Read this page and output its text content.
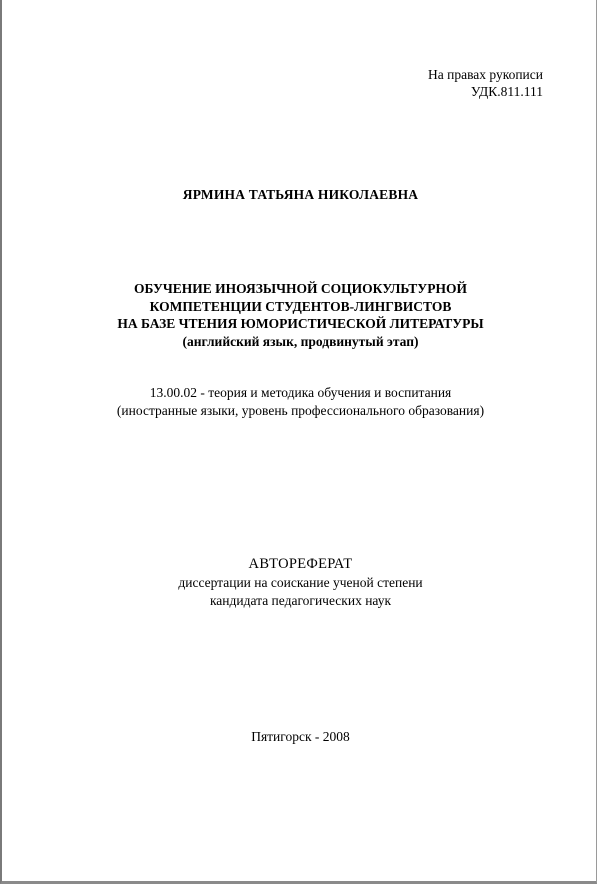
На правах рукописи
УДК.811.111
ЯРМИНА ТАТЬЯНА НИКОЛАЕВНА
ОБУЧЕНИЕ ИНОЯЗЫЧНОЙ СОЦИОКУЛЬТУРНОЙ
КОМПЕТЕНЦИИ СТУДЕНТОВ-ЛИНГВИСТОВ
НА БАЗЕ ЧТЕНИЯ ЮМОРИСТИЧЕСКОЙ ЛИТЕРАТУРЫ
(английский язык, продвинутый этап)
13.00.02 - теория и методика обучения и воспитания
(иностранные языки, уровень профессионального образования)
АВТОРЕФЕРАТ
диссертации на соискание ученой степени
кандидата педагогических наук
Пятигорск - 2008
